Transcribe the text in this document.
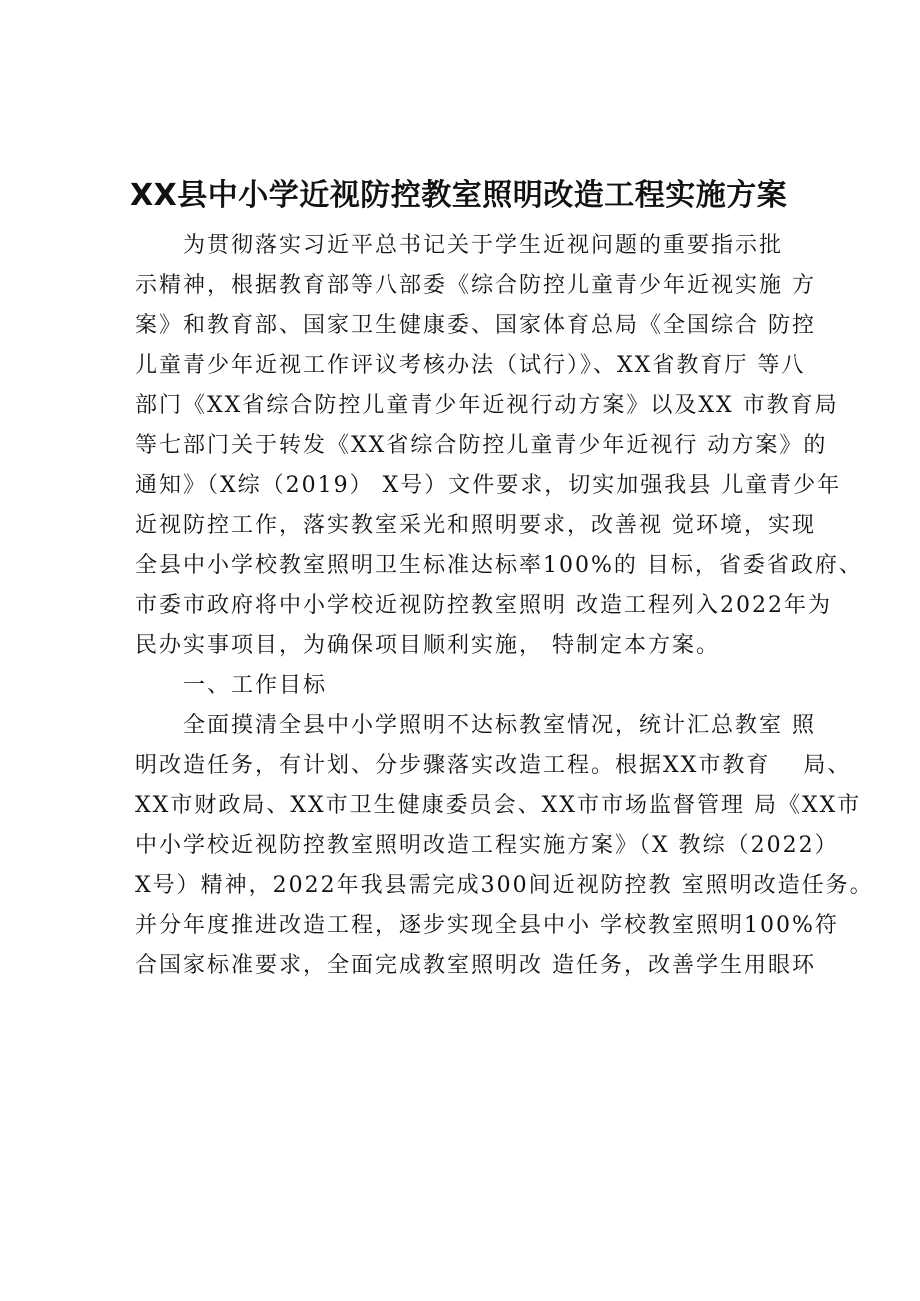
XX县中小学近视防控教室照明改造工程实施方案
为贯彻落实习近平总书记关于学生近视问题的重要指示批
示精神，根据教育部等八部委《综合防控儿童青少年近视实施 方
案》和教育部、国家卫生健康委、国家体育总局《全国综合 防控
儿童青少年近视工作评议考核办法（试行）》、XX省教育厅 等八
部门《XX省综合防控儿童青少年近视行动方案》以及XX 市教育局
等七部门关于转发《XX省综合防控儿童青少年近视行 动方案》的
通知》（X综（2019） X号）文件要求，切实加强我县 儿童青少年
近视防控工作，落实教室采光和照明要求，改善视 觉环境，实现
全县中小学校教室照明卫生标准达标率100%的 目标，省委省政府、
市委市政府将中小学校近视防控教室照明 改造工程列入2022年为
民办实事项目，为确保项目顺利实施， 特制定本方案。
一、工作目标
全面摸清全县中小学照明不达标教室情况，统计汇总教室 照
明改造任务，有计划、分步骤落实改造工程。根据XX市教育　 局、
XX市财政局、XX市卫生健康委员会、XX市市场监督管理 局《XX市
中小学校近视防控教室照明改造工程实施方案》（X 教综（2022）
X号）精神，2022年我县需完成300间近视防控教 室照明改造任务。
并分年度推进改造工程，逐步实现全县中小 学校教室照明100%符
合国家标准要求，全面完成教室照明改 造任务，改善学生用眼环
